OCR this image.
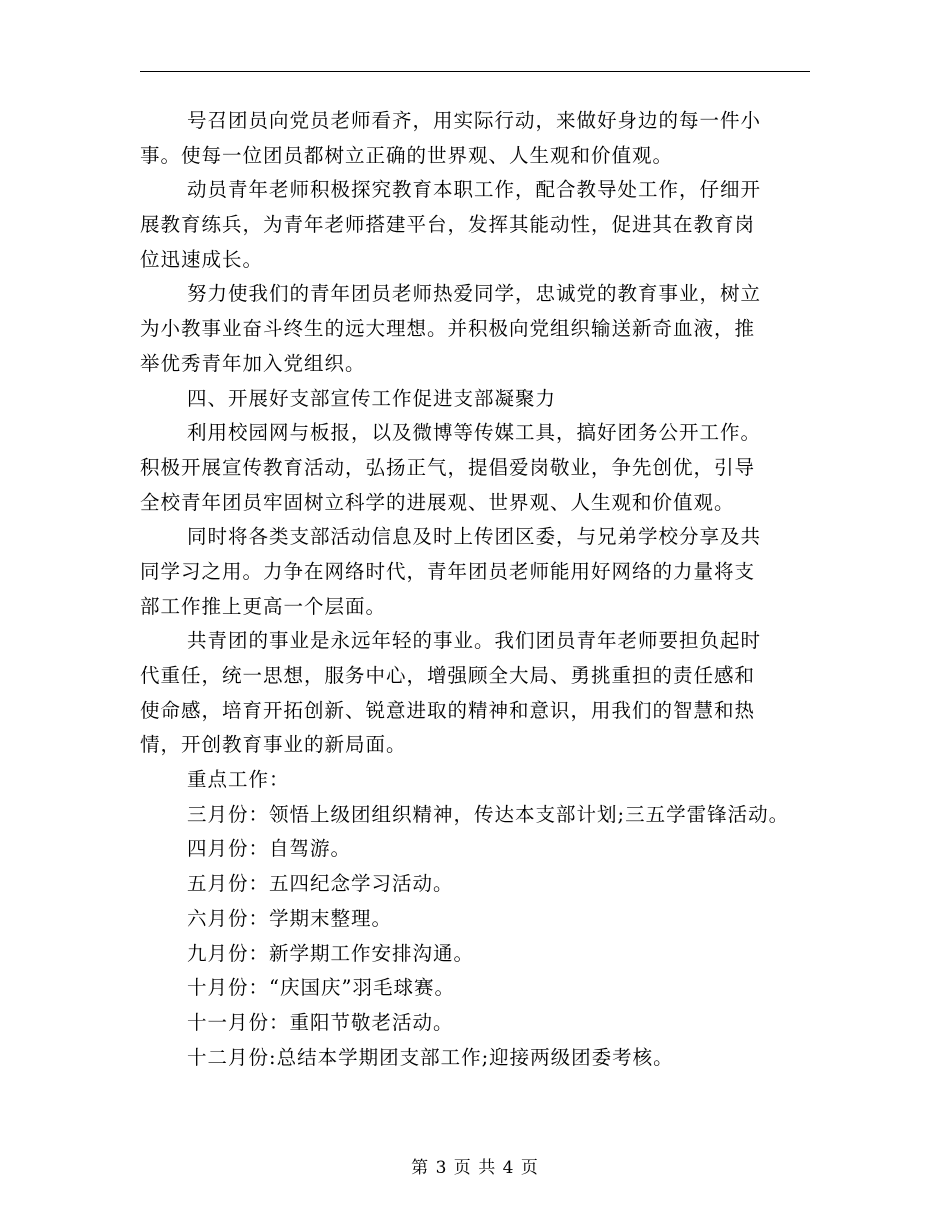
号召团员向党员老师看齐，用实际行动，来做好身边的每一件小
事。使每一位团员都树立正确的世界观、人生观和价值观。
动员青年老师积极探究教育本职工作，配合教导处工作，仔细开
展教育练兵，为青年老师搭建平台，发挥其能动性，促进其在教育岗
位迅速成长。
努力使我们的青年团员老师热爱同学，忠诚党的教育事业，树立
为小教事业奋斗终生的远大理想。并积极向党组织输送新奇血液，推
举优秀青年加入党组织。
四、开展好支部宣传工作促进支部凝聚力
利用校园网与板报，以及微博等传媒工具，搞好团务公开工作。
积极开展宣传教育活动，弘扬正气，提倡爱岗敬业，争先创优，引导
全校青年团员牢固树立科学的进展观、世界观、人生观和价值观。
同时将各类支部活动信息及时上传团区委，与兄弟学校分享及共
同学习之用。力争在网络时代，青年团员老师能用好网络的力量将支
部工作推上更高一个层面。
共青团的事业是永远年轻的事业。我们团员青年老师要担负起时
代重任，统一思想，服务中心，增强顾全大局、勇挑重担的责任感和
使命感，培育开拓创新、锐意进取的精神和意识，用我们的智慧和热
情，开创教育事业的新局面。
重点工作：
三月份：领悟上级团组织精神，传达本支部计划;三五学雷锋活动。
四月份：自驾游。
五月份：五四纪念学习活动。
六月份：学期末整理。
九月份：新学期工作安排沟通。
十月份：“庆国庆”羽毛球赛。
十一月份：重阳节敬老活动。
十二月份:总结本学期团支部工作;迎接两级团委考核。
第 3 页 共 4 页
